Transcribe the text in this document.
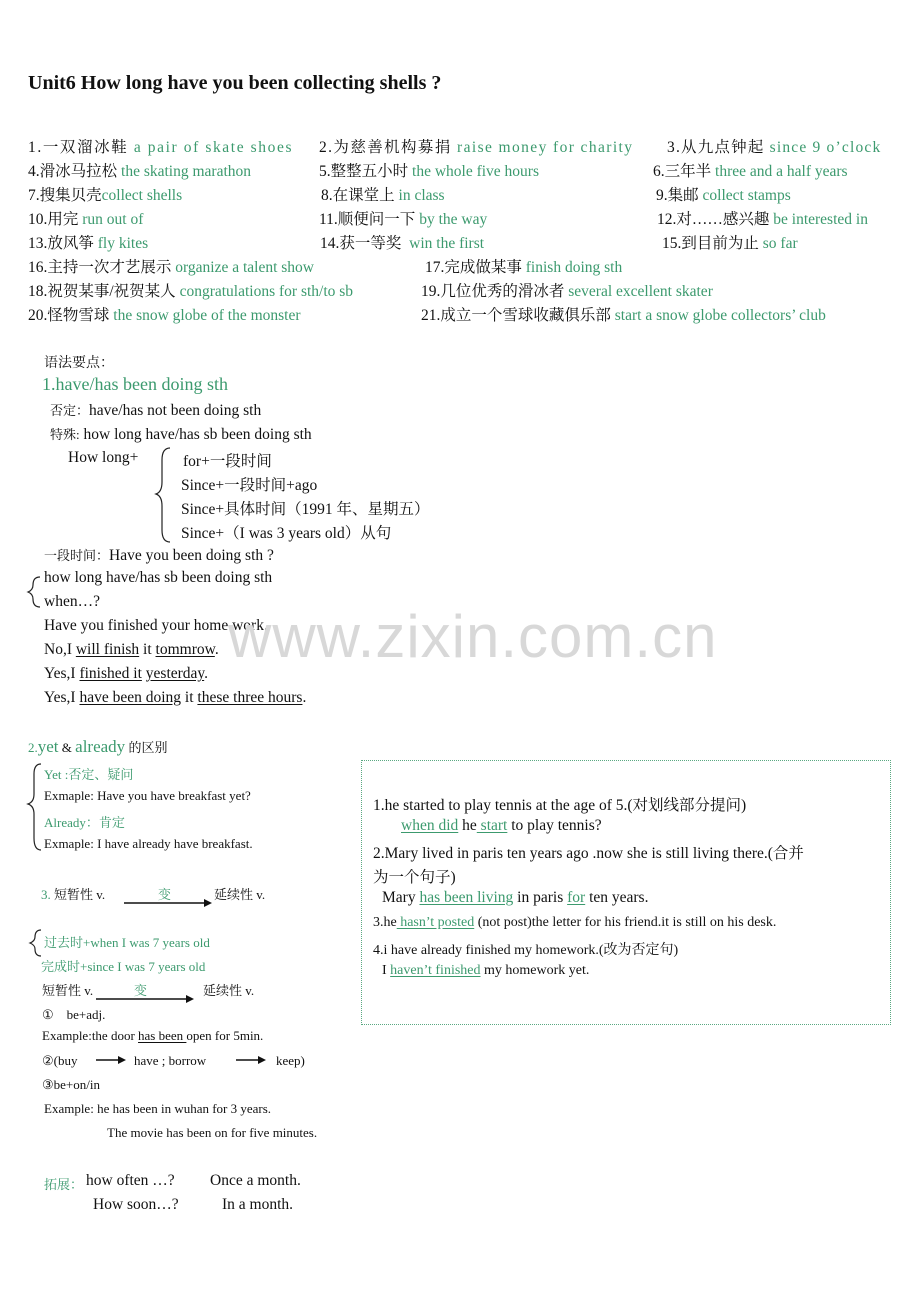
Unit6 How long have you been collecting shells ?
1.一双溜冰鞋 a pair of skate shoes 2.为慈善机构募捐 raise money for charity 3.从九点钟起 since 9 o’clock
4.滑冰马拉松 the skating marathon	5.整整五小时 the whole five hours	6.三年半 three and a half years
7.搜集贝壳collect shells	8.在课堂上 in class	9.集邮 collect stamps
10.用完 run out of	11.顺便问一下 by the way	12.对……感兴趣 be interested in
13.放风筝 fly kites	14.获一等奖 win the first	15.到目前为止 so far
16.主持一次才艺展示 organize a talent show	17.完成做某事 finish doing sth
18.祝贺某事/祝贺某人 congratulations for sth/to sb	19.几位优秀的滑冰者 several excellent skater
20.怪物雪球 the snow globe of the monster	21.成立一个雪球收藏俱乐部 start a snow globe collectors’ club
语法要点：
1.have/has been doing sth
否定：have/has not been doing sth
特殊: how long have/has sb been doing sth
How long+	for+一段时间
Since+一段时间+ago
Since+具体时间（1991 年、星期五）
Since+（I was 3 years old）从句
一段时间：Have you been doing sth ?
how long have/has sb been doing sth
when…?
Have you finished your home work.
No,I will finish it tommrow.
Yes,I finished it yesterday.
Yes,I have been doing it these three hours.
www.zixin.com.cn
2.yet & already 的区别
Yet :否定、疑问
Exmaple: Have you have breakfast yet?
Already：肯定
Exmaple: I have already have breakfast.
3. 短暂性 v.	变	延续性 v.
过去时+when I was 7 years old
完成时+since I was 7 years old
短暂性 v.	变	延续性 v.
①　be+adj.
Example:the door has been open for 5min.
②(buy	have ; borrow	keep)
③be+on/in
Example: he has been in wuhan for 3 years.
The movie has been on for five minutes.
拓展： how often …? Once a month.
How soon…?	In a month.
1.he started to play tennis at the age of 5.(对划线部分提问)
when did he start to play tennis?
2.Mary lived in paris ten years ago .now she is still living there.(合并
为一个句子)
Mary has been living in paris for ten years.
3.he hasn’t posted (not post)the letter for his friend.it is still on his desk.
4.i have already finished my homework.(改为否定句)
I haven’t finished my homework yet.
